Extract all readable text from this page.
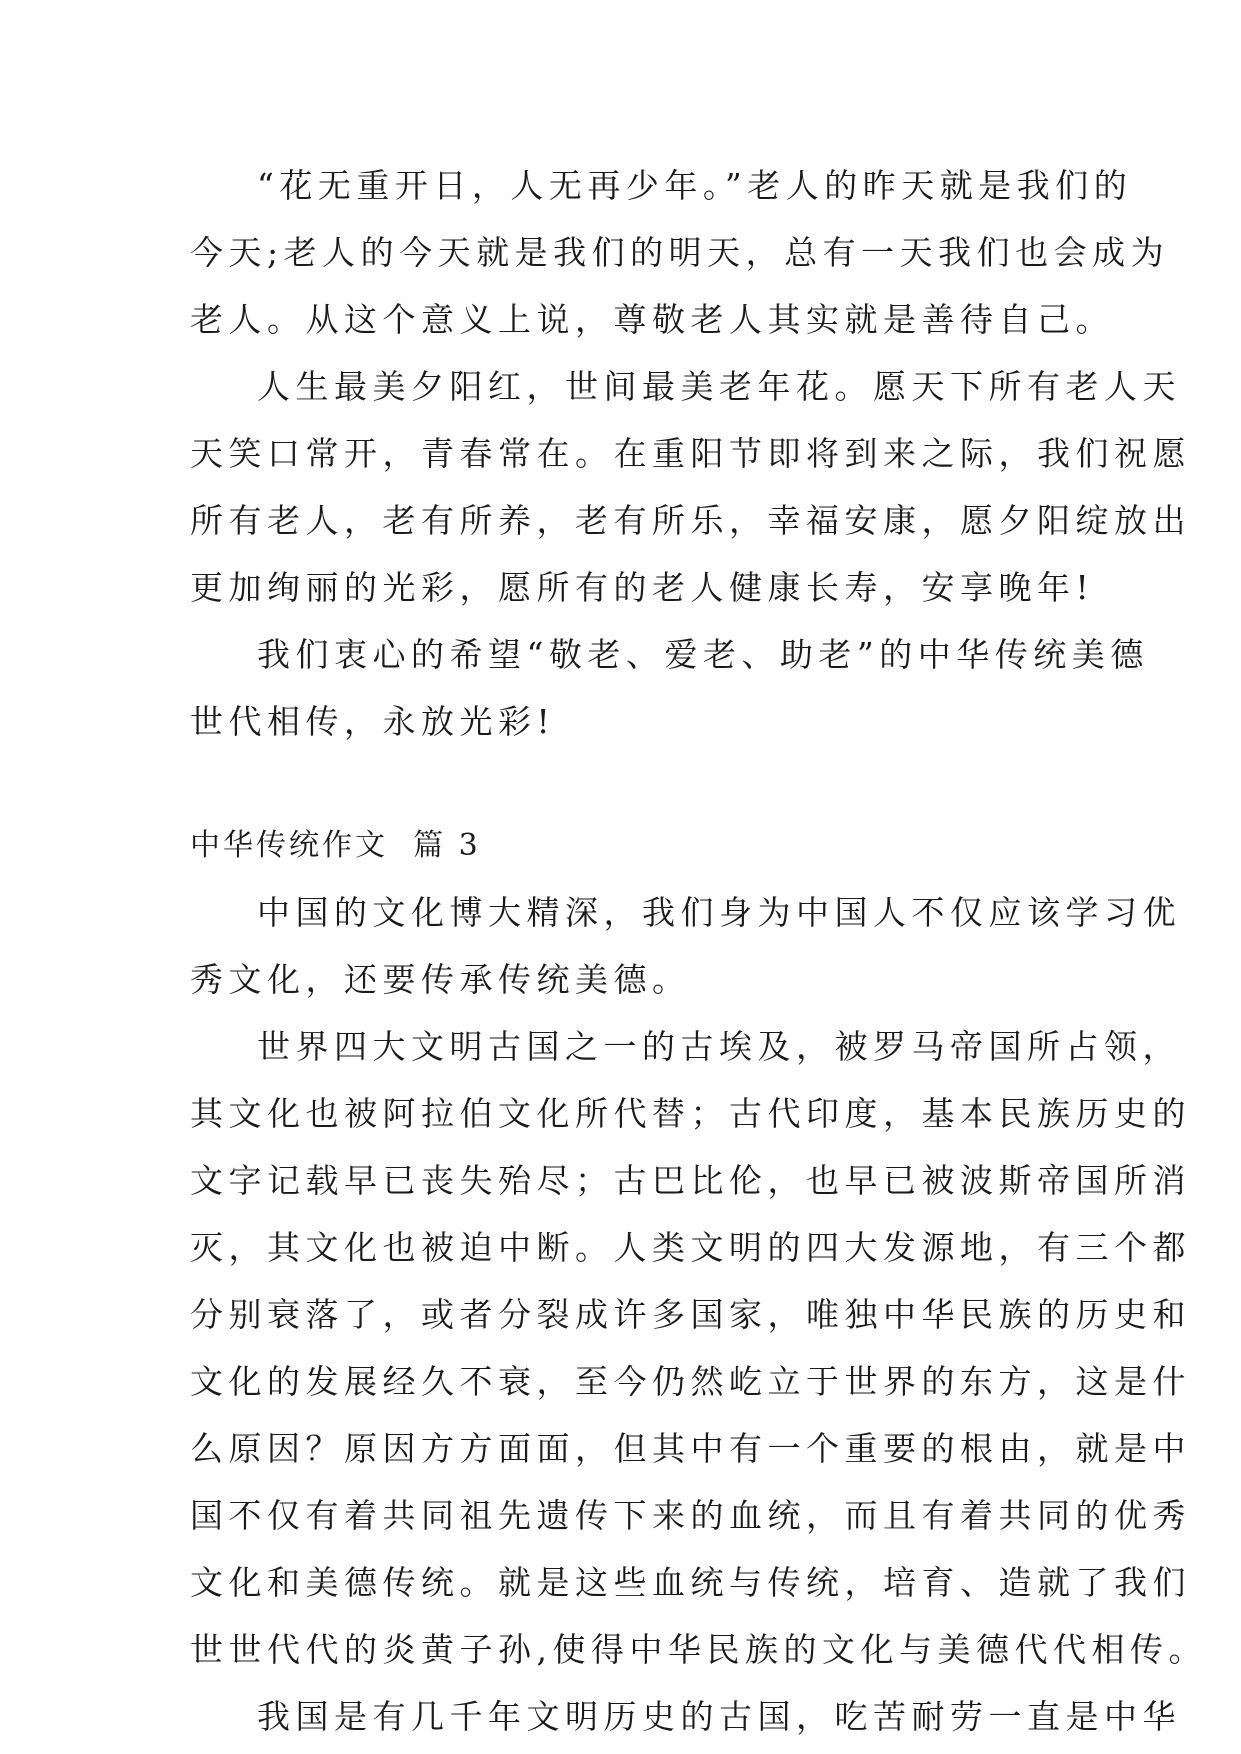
“花无重开日，人无再少年。”老人的昨天就是我们的
今天;老人的今天就是我们的明天，总有一天我们也会成为
老人。从这个意义上说，尊敬老人其实就是善待自己。
人生最美夕阳红，世间最美老年花。愿天下所有老人天
天笑口常开，青春常在。在重阳节即将到来之际，我们祝愿
所有老人，老有所养，老有所乐，幸福安康，愿夕阳绽放出
更加绚丽的光彩，愿所有的老人健康长寿，安享晚年!
我们衷心的希望“敬老、爱老、助老”的中华传统美德
世代相传，永放光彩!
中华传统作文  篇 3
中国的文化博大精深，我们身为中国人不仅应该学习优
秀文化，还要传承传统美德。
世界四大文明古国之一的古埃及，被罗马帝国所占领，
其文化也被阿拉伯文化所代替；古代印度，基本民族历史的
文字记载早已丧失殆尽；古巴比伦，也早已被波斯帝国所消
灭，其文化也被迫中断。人类文明的四大发源地，有三个都
分别衰落了，或者分裂成许多国家，唯独中华民族的历史和
文化的发展经久不衰，至今仍然屹立于世界的东方，这是什
么原因？原因方方面面，但其中有一个重要的根由，就是中
国不仅有着共同祖先遗传下来的血统，而且有着共同的优秀
文化和美德传统。就是这些血统与传统，培育、造就了我们
世世代代的炎黄子孙,使得中华民族的文化与美德代代相传。
我国是有几千年文明历史的古国，吃苦耐劳一直是中华
